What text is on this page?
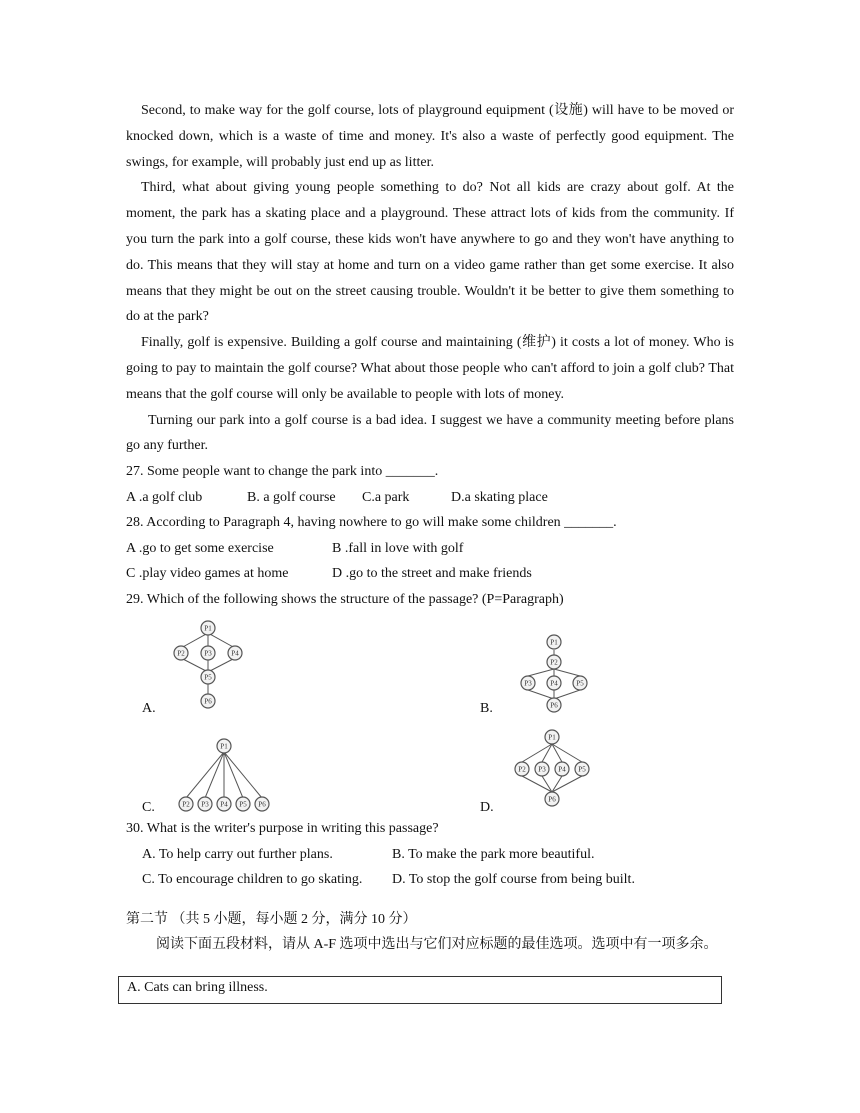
Second, to make way for the golf course, lots of playground equipment (设施) will have to be moved or knocked down, which is a waste of time and money. It's also a waste of perfectly good equipment. The swings, for example, will probably just end up as litter.

Third, what about giving young people something to do? Not all kids are crazy about golf. At the moment, the park has a skating place and a playground. These attract lots of kids from the community. If you turn the park into a golf course, these kids won't have anywhere to go and they won't have anything to do. This means that they will stay at home and turn on a video game rather than get some exercise. It also means that they might be out on the street causing trouble. Wouldn't it be better to give them something to do at the park?

Finally, golf is expensive. Building a golf course and maintaining (维护) it costs a lot of money. Who is going to pay to maintain the golf course? What about those people who can't afford to join a golf club? That means that the golf course will only be available to people with lots of money.

Turning our park into a golf course is a bad idea. I suggest we have a community meeting before plans go any further.

27. Some people want to change the park into _______.

A .a golf club	B. a golf course	C.a park	D.a skating place

28. According to Paragraph 4, having nowhere to go will make some children _______.

A .go to get some exercise	B .fall in love with golf
C .play video games at home	D .go to the street and make friends

29. Which of the following shows the structure of the passage? (P=Paragraph)

A.
P1
P2	P3	P4
P5
P6	B.
P1
P2
P3	P4	P5
P6
C.
P1
P2 P3 P4 P5 P6	D.
P1
P2 P3 P4 P5
P6

30. What is the writer's purpose in writing this passage?

A. To help carry out further plans.	B. To make the park more beautiful.
C. To encourage children to go skating.	D. To stop the golf course from being built.
第二节 （共 5 小题，每小题 2 分，满分 10 分）
阅读下面五段材料，请从 A-F 选项中选出与它们对应标题的最佳选项。选项中有一项多余。
A. Cats can bring illness.
